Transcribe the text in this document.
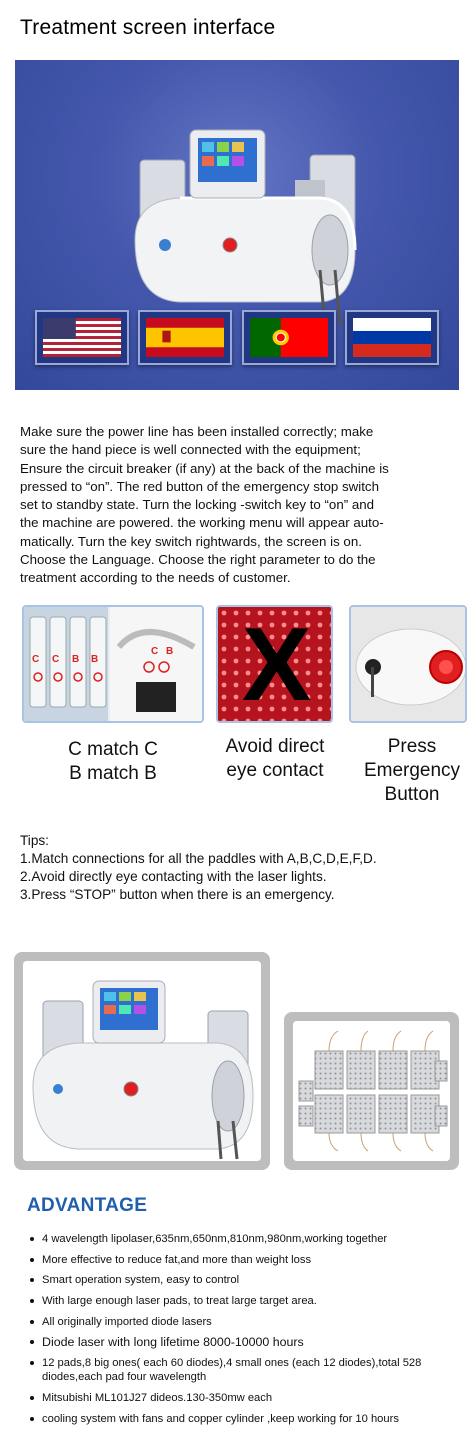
Treatment screen interface
Make sure the power line has been installed correctly; make
sure the hand piece is well connected with the equipment;
Ensure the circuit breaker (if any) at the back of the machine is
pressed to “on”. The red button of the emergency stop switch
set to standby state. Turn the locking -switch key to “on” and
the machine are powered. the working menu will appear auto-
matically. Turn the key switch rightwards, the screen is on.
Choose the Language. Choose the right parameter to do the
treatment according to the needs of customer.
C C B B
C B X
C match C
B match B
Avoid direct
eye contact
Press
Emergency
Button
Tips:
1.Match connections for all the paddles with A,B,C,D,E,F,D.
2.Avoid directly eye contacting with the laser lights.
3.Press “STOP” button when there is an emergency.
ADVANTAGE
4 wavelength lipolaser,635nm,650nm,810nm,980nm,working together
More effective to reduce fat,and more than weight loss
Smart operation system, easy to control
With large enough laser pads, to treat large target area.
All originally imported diode lasers
Diode laser with long lifetime 8000-10000 hours
12 pads,8 big ones( each 60 diodes),4 small ones (each 12 diodes),total 528 diodes,each pad four wavelength
Mitsubishi ML101J27 dideos.130-350mw each
cooling system with fans and copper cylinder ,keep working for 10 hours
